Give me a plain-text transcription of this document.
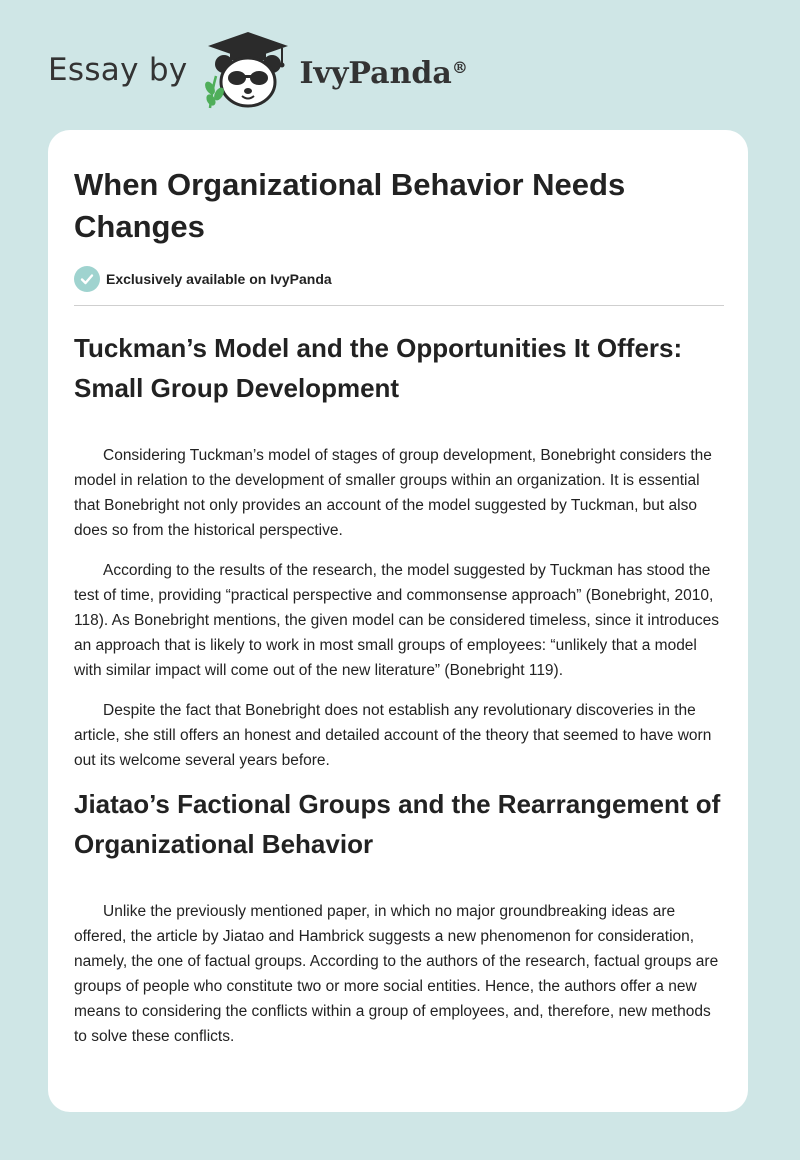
Essay by	IvyPanda®
When Organizational Behavior Needs Changes
Exclusively available on IvyPanda
Tuckman’s Model and the Opportunities It Offers: Small Group Development

Considering Tuckman’s model of stages of group development, Bonebright considers the model in relation to the development of smaller groups within an organization. It is essential that Bonebright not only provides an account of the model suggested by Tuckman, but also does so from the historical perspective.

According to the results of the research, the model suggested by Tuckman has stood the test of time, providing “practical perspective and commonsense approach” (Bonebright, 2010, 118). As Bonebright mentions, the given model can be considered timeless, since it introduces an approach that is likely to work in most small groups of employees: “unlikely that a model with similar impact will come out of the new literature” (Bonebright 119).

Despite the fact that Bonebright does not establish any revolutionary discoveries in the article, she still offers an honest and detailed account of the theory that seemed to have worn out its welcome several years before.

Jiatao’s Factional Groups and the Rearrangement of Organizational Behavior

Unlike the previously mentioned paper, in which no major groundbreaking ideas are offered, the article by Jiatao and Hambrick suggests a new phenomenon for consideration, namely, the one of factual groups. According to the authors of the research, factual groups are groups of people who constitute two or more social entities. Hence, the authors offer a new means to considering the conflicts within a group of employees, and, therefore, new methods to solve these conflicts.
